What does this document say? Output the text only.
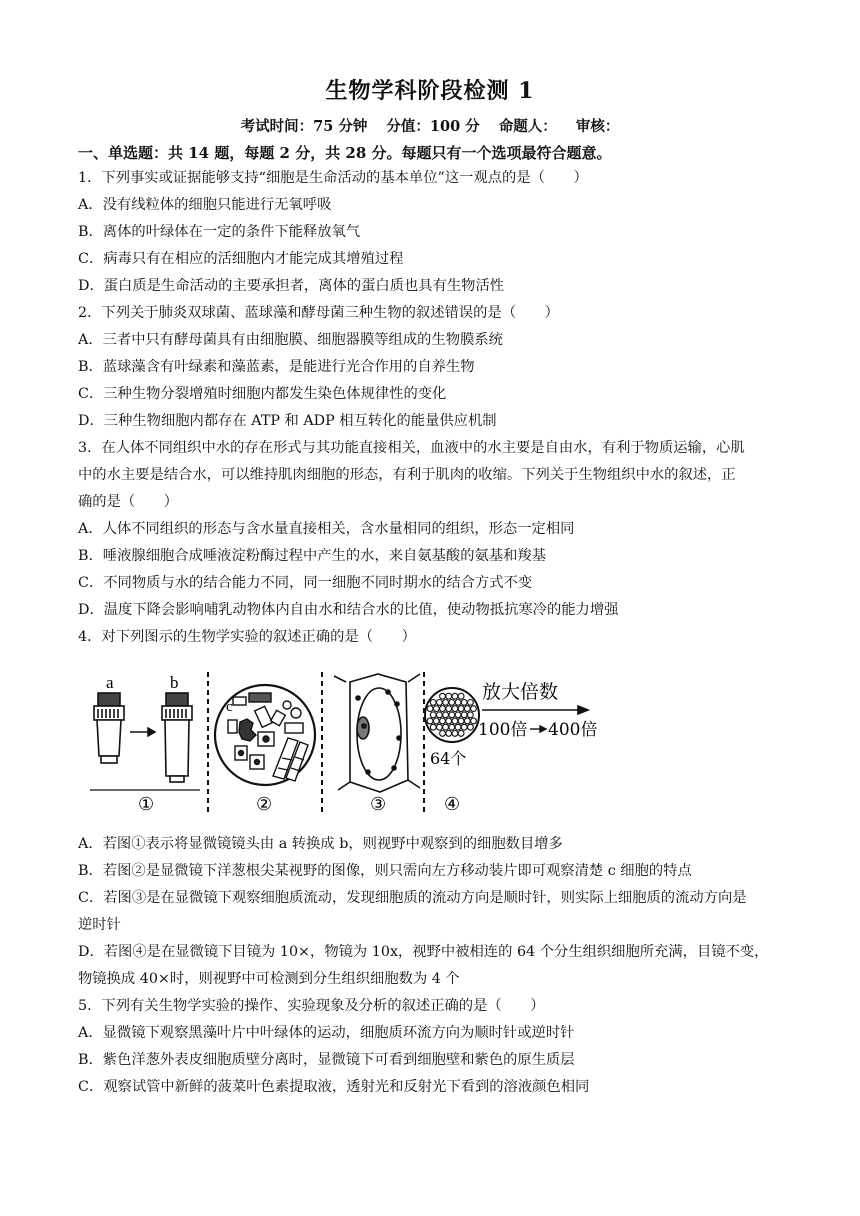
生物学科阶段检测 1
考试时间：75 分钟 分值：100 分 命题人： 审核：
一、单选题：共 14 题，每题 2 分，共 28 分。每题只有一个选项最符合题意。
1．下列事实或证据能够支持“细胞是生命活动的基本单位”这一观点的是（　　）
A．没有线粒体的细胞只能进行无氧呼吸
B．离体的叶绿体在一定的条件下能释放氧气
C．病毒只有在相应的活细胞内才能完成其增殖过程
D．蛋白质是生命活动的主要承担者，离体的蛋白质也具有生物活性
2．下列关于肺炎双球菌、蓝球藻和酵母菌三种生物的叙述错误的是（　　）
A．三者中只有酵母菌具有由细胞膜、细胞器膜等组成的生物膜系统
B．蓝球藻含有叶绿素和藻蓝素，是能进行光合作用的自养生物
C．三种生物分裂增殖时细胞内都发生染色体规律性的变化
D．三种生物细胞内都存在 ATP 和 ADP 相互转化的能量供应机制
3．在人体不同组织中水的存在形式与其功能直接相关，血液中的水主要是自由水，有利于物质运输，心肌
中的水主要是结合水，可以维持肌肉细胞的形态，有利于肌肉的收缩。下列关于生物组织中水的叙述，正
确的是（　　）
A．人体不同组织的形态与含水量直接相关，含水量相同的组织，形态一定相同
B．唾液腺细胞合成唾液淀粉酶过程中产生的水，来自氨基酸的氨基和羧基
C．不同物质与水的结合能力不同，同一细胞不同时期水的结合方式不变
D．温度下降会影响哺乳动物体内自由水和结合水的比值，使动物抵抗寒冷的能力增强
4．对下列图示的生物学实验的叙述正确的是（　　）
a	b
①
c
②	③
64个
放大倍数
100倍 400倍
④
A．若图①表示将显微镜镜头由 a 转换成 b，则视野中观察到的细胞数目增多
B．若图②是显微镜下洋葱根尖某视野的图像，则只需向左方移动装片即可观察清楚 c 细胞的特点
C．若图③是在显微镜下观察细胞质流动，发现细胞质的流动方向是顺时针，则实际上细胞质的流动方向是
逆时针
D．若图④是在显微镜下目镜为 10×，物镜为 10x，视野中被相连的 64 个分生组织细胞所充满，目镜不变，
物镜换成 40×时，则视野中可检测到分生组织细胞数为 4 个
5．下列有关生物学实验的操作、实验现象及分析的叙述正确的是（　　）
A．显微镜下观察黑藻叶片中叶绿体的运动，细胞质环流方向为顺时针或逆时针
B．紫色洋葱外表皮细胞质壁分离时，显微镜下可看到细胞壁和紫色的原生质层
C．观察试管中新鲜的菠菜叶色素提取液，透射光和反射光下看到的溶液颜色相同
